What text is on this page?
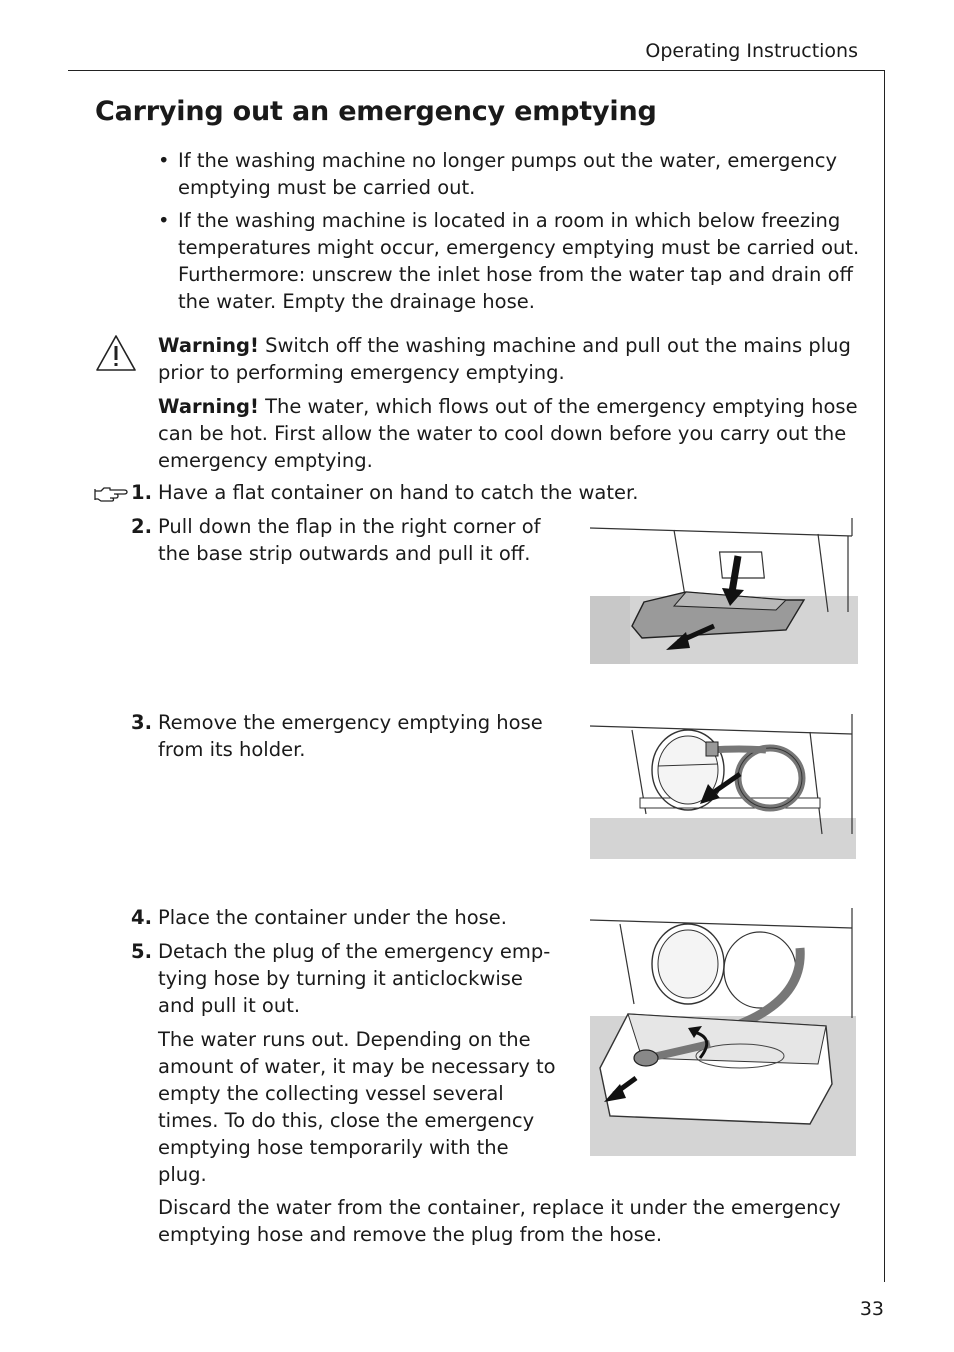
Operating Instructions
Carrying out an emergency emptying
• If the washing machine no longer pumps out the water, emergency
emptying must be carried out.
• If the washing machine is located in a room in which below freezing
temperatures might occur, emergency emptying must be carried out.
Furthermore: unscrew the inlet hose from the water tap and drain off
the water. Empty the drainage hose.
Warning! Switch off the washing machine and pull out the mains plug
prior to performing emergency emptying.
Warning! The water, which flows out of the emergency emptying hose
can be hot. First allow the water to cool down before you carry out the
emergency emptying.
1. Have a flat container on hand to catch the water.
2. Pull down the flap in the right corner of
the base strip outwards and pull it off.
3. Remove the emergency emptying hose
from its holder.
4. Place the container under the hose.
5. Detach the plug of the emergency emp-
tying hose by turning it anticlockwise
and pull it out.
The water runs out. Depending on the
amount of water, it may be necessary to
empty the collecting vessel several
times. To do this, close the emergency
emptying hose temporarily with the
plug.
Discard the water from the container, replace it under the emergency
emptying hose and remove the plug from the hose.
33
